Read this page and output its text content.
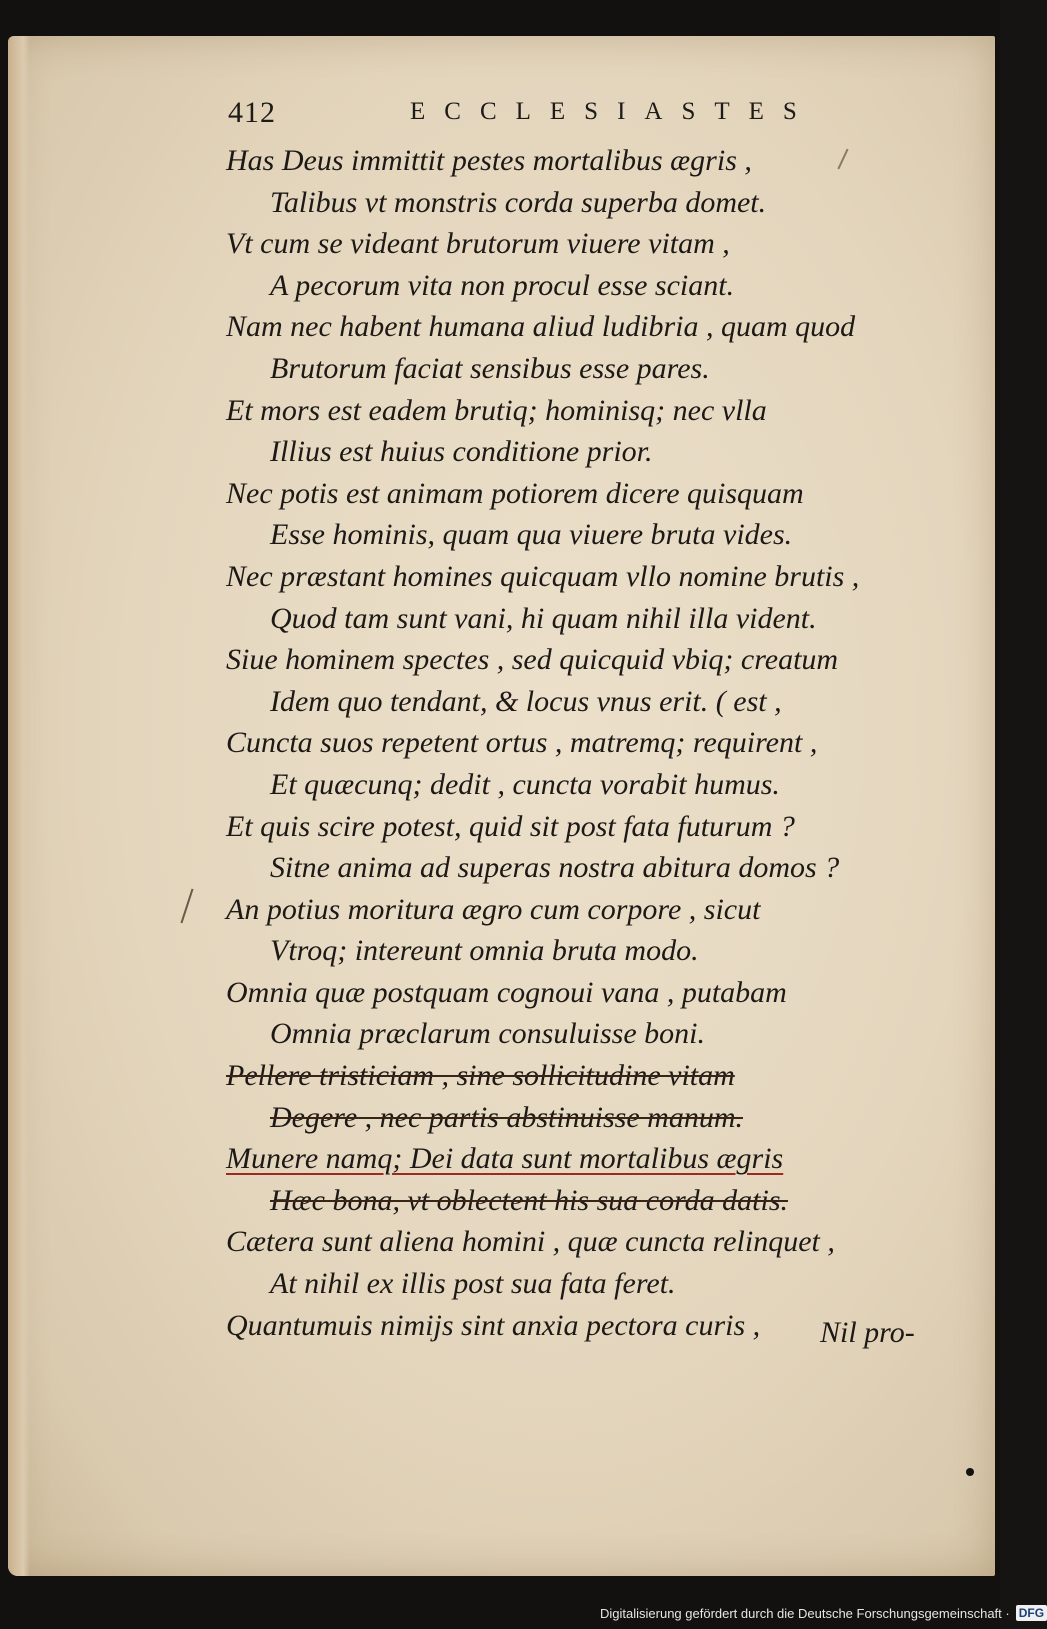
412	ECCLESIASTES
Has Deus immittit pestes mortalibus ægris ,
Talibus vt monstris corda superba domet.
Vt cum se videant brutorum viuere vitam ,
A pecorum vita non procul esse sciant.
Nam nec habent humana aliud ludibria , quam quod
Brutorum faciat sensibus esse pares.
Et mors est eadem brutiq; hominisq; nec vlla
Illius est huius conditione prior.
Nec potis est animam potiorem dicere quisquam
Esse hominis, quam qua viuere bruta vides.
Nec præstant homines quicquam vllo nomine brutis ,
Quod tam sunt vani, hi quam nihil illa vident.
Siue hominem spectes , sed quicquid vbiq; creatum
Idem quo tendant, & locus vnus erit. ( est ,
Cuncta suos repetent ortus , matremq; requirent ,
Et quæcunq; dedit , cuncta vorabit humus.
Et quis scire potest, quid sit post fata futurum ?
Sitne anima ad superas nostra abitura domos ?
An potius moritura ægro cum corpore , sicut
Vtroq; intereunt omnia bruta modo.
Omnia quæ postquam cognoui vana , putabam
Omnia præclarum consuluisse boni.
Pellere tristiciam , sine sollicitudine vitam
Degere , nec partis abstinuisse manum.
Munere namq; Dei data sunt mortalibus ægris
Hæc bona, vt oblectent his sua corda datis.
Cætera sunt aliena homini , quæ cuncta relinquet ,
At nihil ex illis post sua fata feret.
Quantumuis nimijs sint anxia pectora curis ,	Nil pro-
Digitalisierung gefördert durch die Deutsche Forschungsgemeinschaft · DFG
